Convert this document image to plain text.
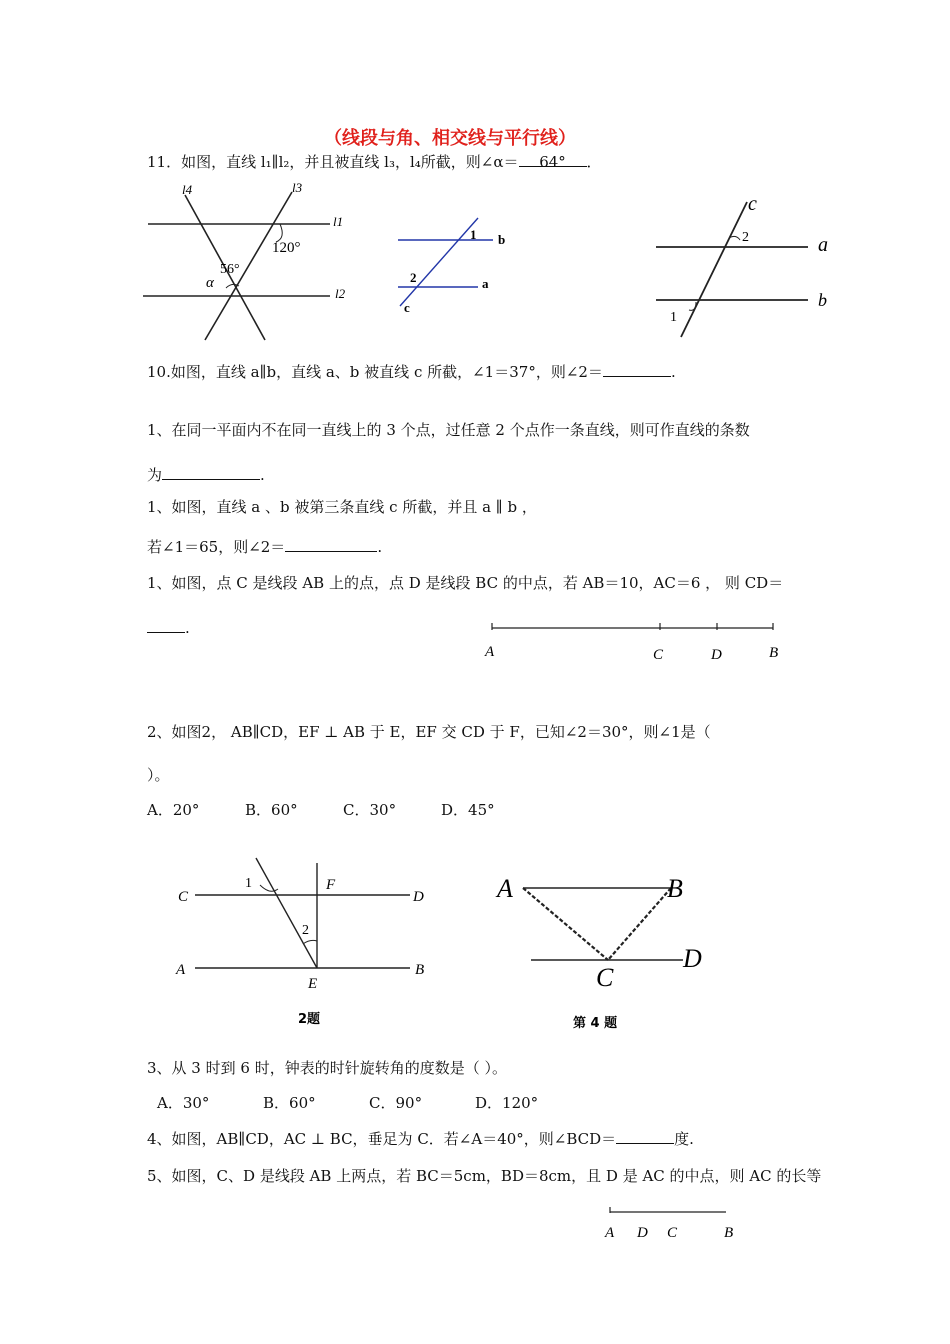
（线段与角、相交线与平行线）
11．如图，直线 l₁∥l₂，并且被直线 l₃，l₄所截，则∠α＝ 64° ．
l4	l3
l1
l2
120°
56°
α
1
2
b
a
c
c
a
b
2
1
10.如图，直线 a∥b，直线 a、b 被直线 c 所截，∠1＝37°，则∠2＝	.
1、在同一平面内不在同一直线上的 3 个点，过任意 2 个点作一条直线，则可作直线的条数
为	.
1、如图，直线 a 、b 被第三条直线 c 所截，并且 a ∥ b ，
若∠1＝65，则∠2＝	.
1、如图，点 C 是线段 AB 上的点，点 D 是线段 BC 的中点，若 AB＝10，AC＝6 ， 则 CD＝
.
A	C	D	B
2、如图2， AB∥CD，EF ⊥ AB 于 E，EF 交 CD 于 F，已知∠2＝30°，则∠1是（
）。
A．20°	B．60°	C．30°	D．45°
C	D
A	B
E
F
1
2
2题
A	B
C
D
第 4 题
3、从 3 时到 6 时，钟表的时针旋转角的度数是（ ）。
A．30°	B．60°	C．90°	D．120°
4、如图，AB∥CD，AC ⊥ BC，垂足为 C．若∠A＝40°，则∠BCD＝	度.
5、如图，C、D 是线段 AB 上两点，若 BC＝5cm，BD＝8cm，且 D 是 AC 的中点，则 AC 的长等
A D C	B
